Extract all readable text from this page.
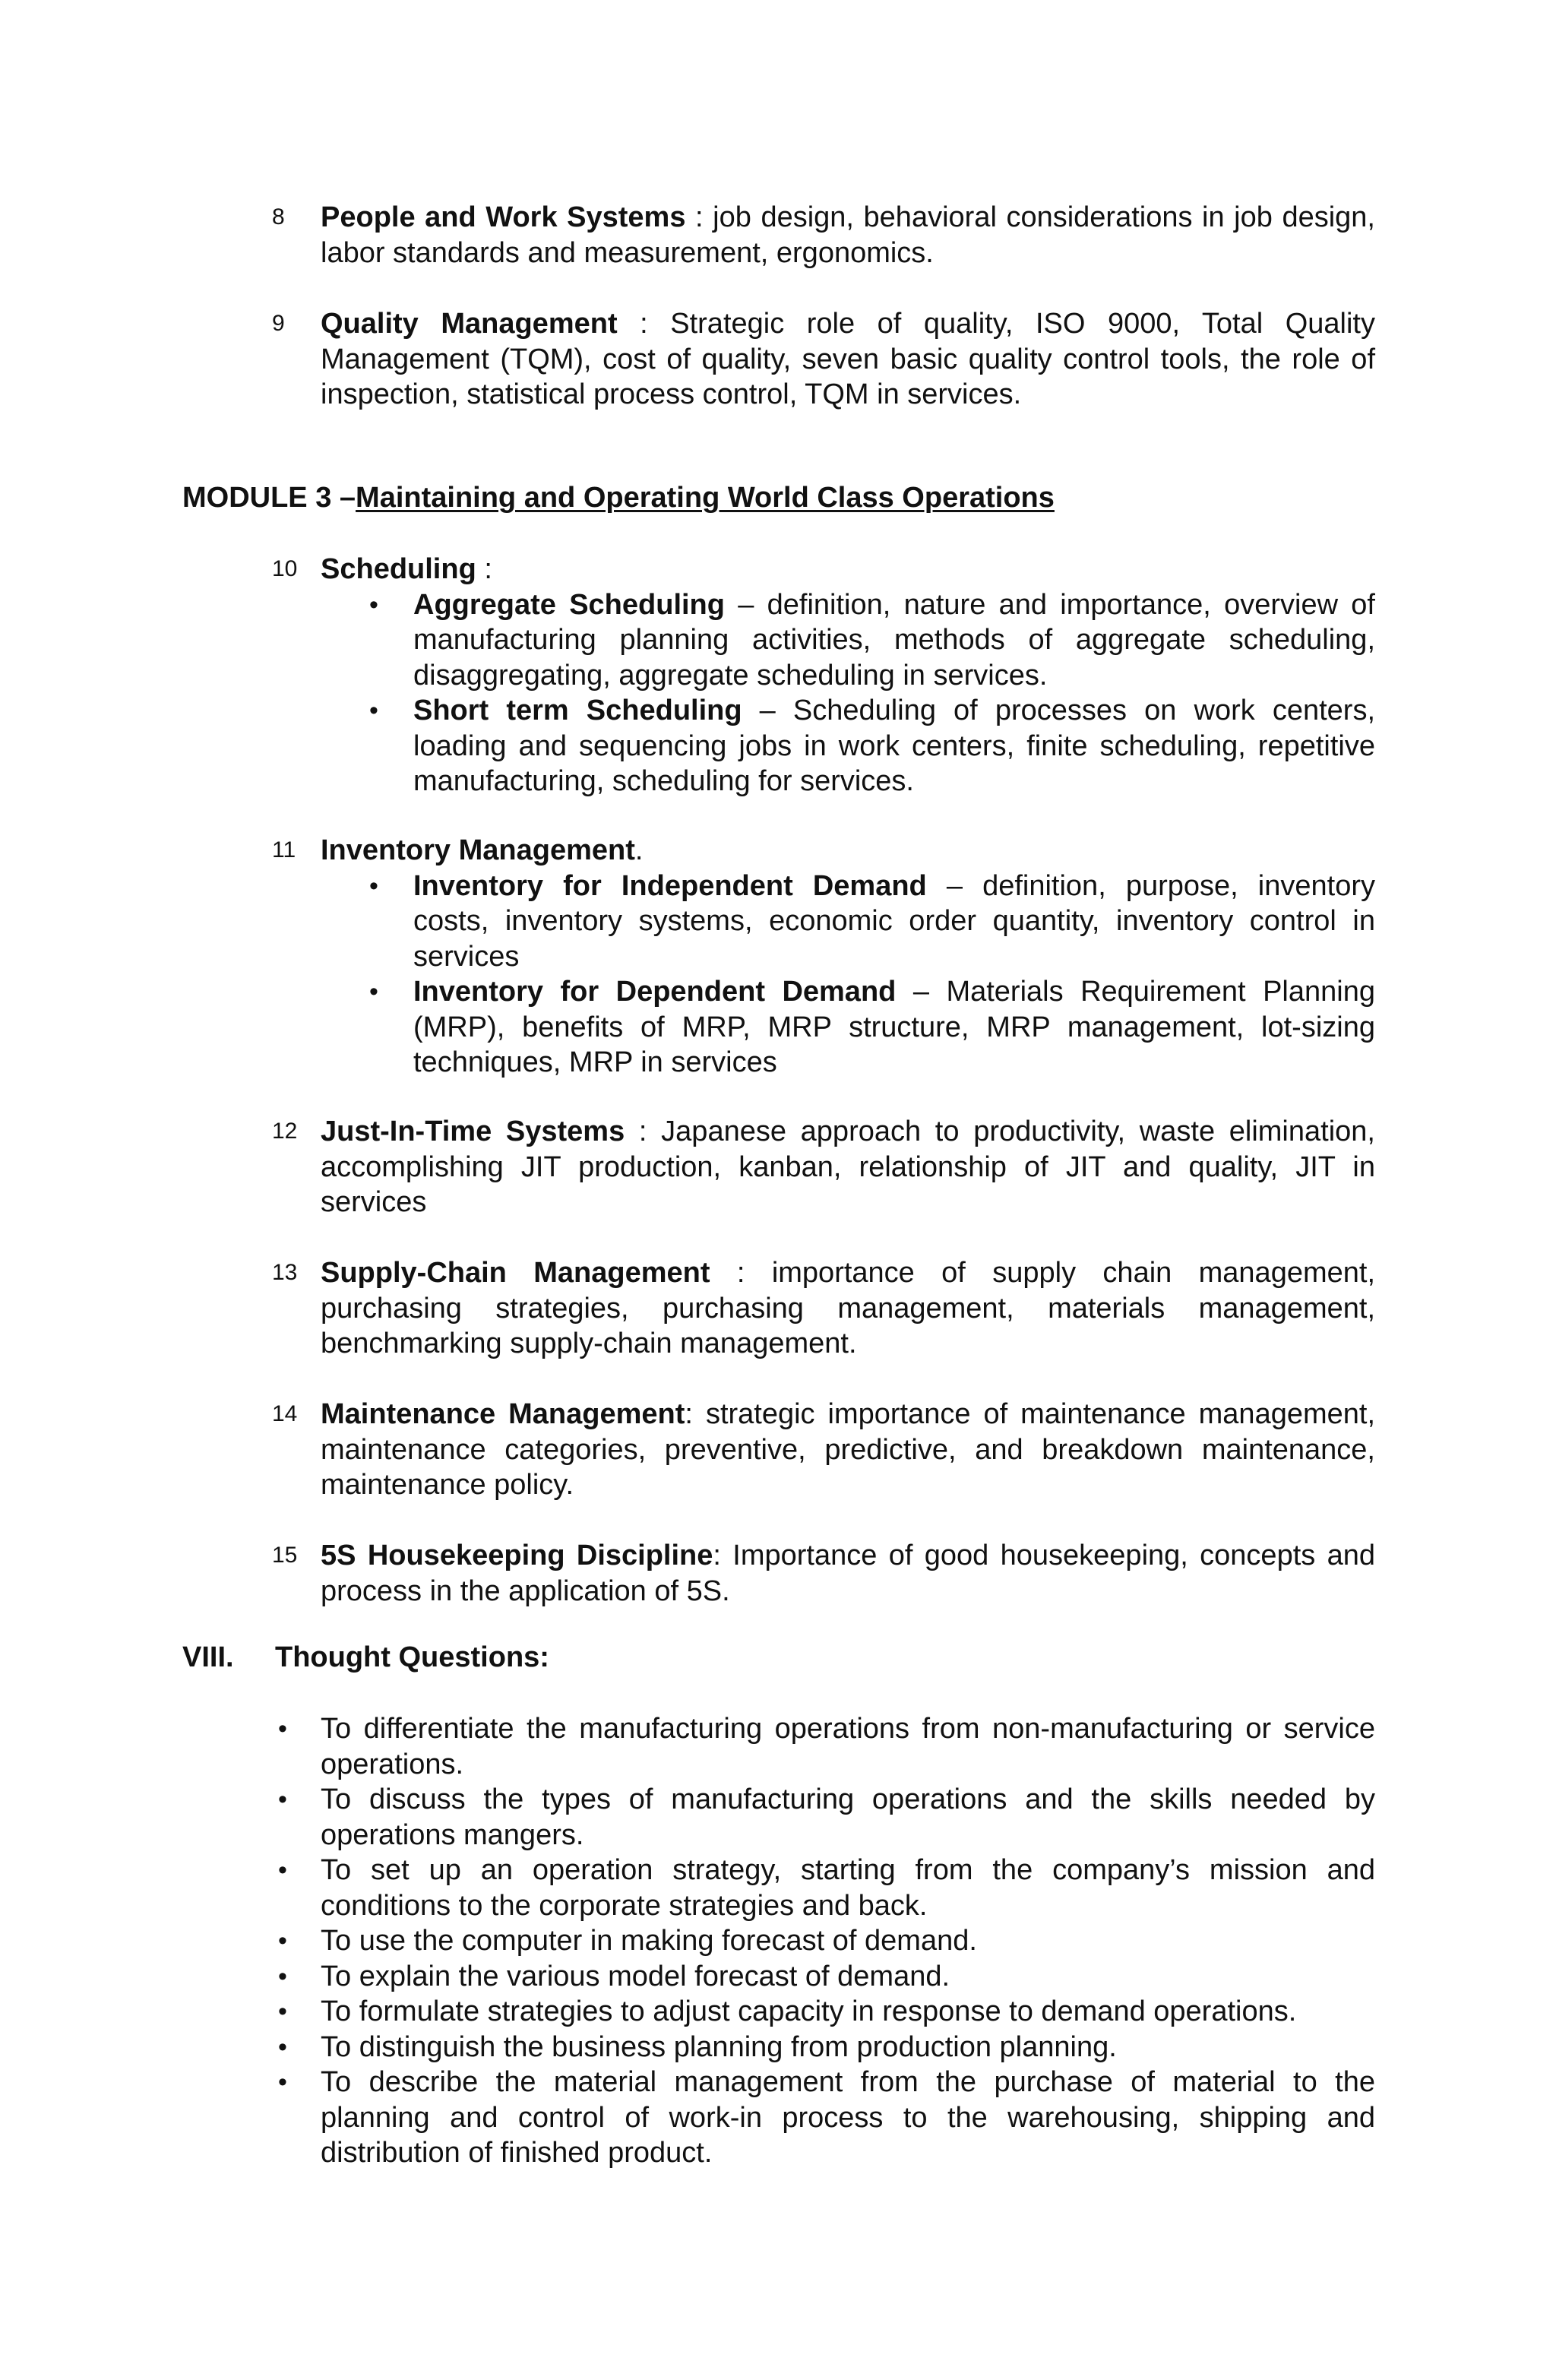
8	People and Work Systems : job design, behavioral considerations in job design, labor standards and measurement, ergonomics.
9	Quality Management : Strategic role of quality, ISO 9000, Total Quality Management (TQM), cost of quality, seven basic quality control tools, the role of inspection, statistical process control, TQM in services.
MODULE 3 –Maintaining and Operating World Class Operations
10 Scheduling :
• Aggregate Scheduling – definition, nature and importance, overview of manufacturing planning activities, methods of aggregate scheduling, disaggregating, aggregate scheduling in services.
• Short term Scheduling – Scheduling of processes on work centers, loading and sequencing jobs in work centers, finite scheduling, repetitive manufacturing, scheduling for services.
11 Inventory Management.
• Inventory for Independent Demand – definition, purpose, inventory costs, inventory systems, economic order quantity, inventory control in services
• Inventory for Dependent Demand – Materials Requirement Planning (MRP), benefits of MRP, MRP structure, MRP management, lot-sizing techniques, MRP in services
12 Just-In-Time Systems : Japanese approach to productivity, waste elimination, accomplishing JIT production, kanban, relationship of JIT and quality, JIT in services
13 Supply-Chain Management : importance of supply chain management, purchasing strategies, purchasing management, materials management, benchmarking supply-chain management.
14 Maintenance Management: strategic importance of maintenance management, maintenance categories, preventive, predictive, and breakdown maintenance, maintenance policy.
15 5S Housekeeping Discipline: Importance of good housekeeping, concepts and process in the application of 5S.
VIII. Thought Questions:
• To differentiate the manufacturing operations from non-manufacturing or service operations.
• To discuss the types of manufacturing operations and the skills needed by operations mangers.
• To set up an operation strategy, starting from the company’s mission and conditions to the corporate strategies and back.
• To use the computer in making forecast of demand.
• To explain the various model forecast of demand.
• To formulate strategies to adjust capacity in response to demand operations.
• To distinguish the business planning from production planning.
• To describe the material management from the purchase of material to the planning and control of work-in process to the warehousing, shipping and distribution of finished product.
